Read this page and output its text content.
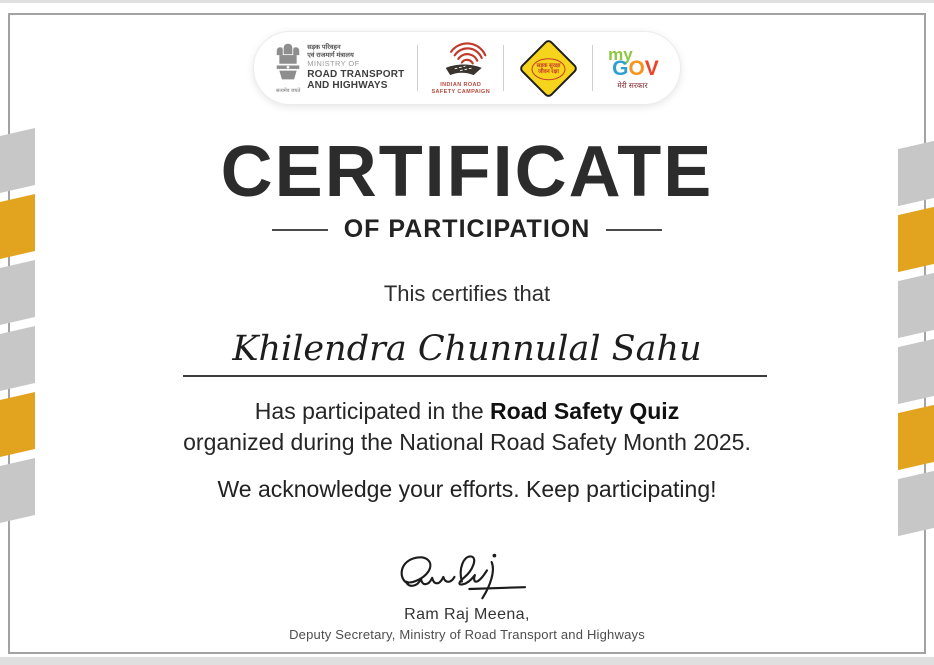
सत्यमेव जयते
सड़क परिवहन
एवं राजमार्ग मंत्रालय
MINISTRY OF
ROAD TRANSPORT
AND HIGHWAYS	INDIAN ROAD
SAFETY CAMPAIGN
सड़क सुरक्षा
जीवन रक्षा
my
GOV
मेरी सरकार
CERTIFICATE
OF PARTICIPATION
This certifies that
Khilendra Chunnulal Sahu
Has participated in the Road Safety Quiz
organized during the National Road Safety Month 2025.
We acknowledge your efforts. Keep participating!
Ram Raj Meena,
Deputy Secretary, Ministry of Road Transport and Highways
